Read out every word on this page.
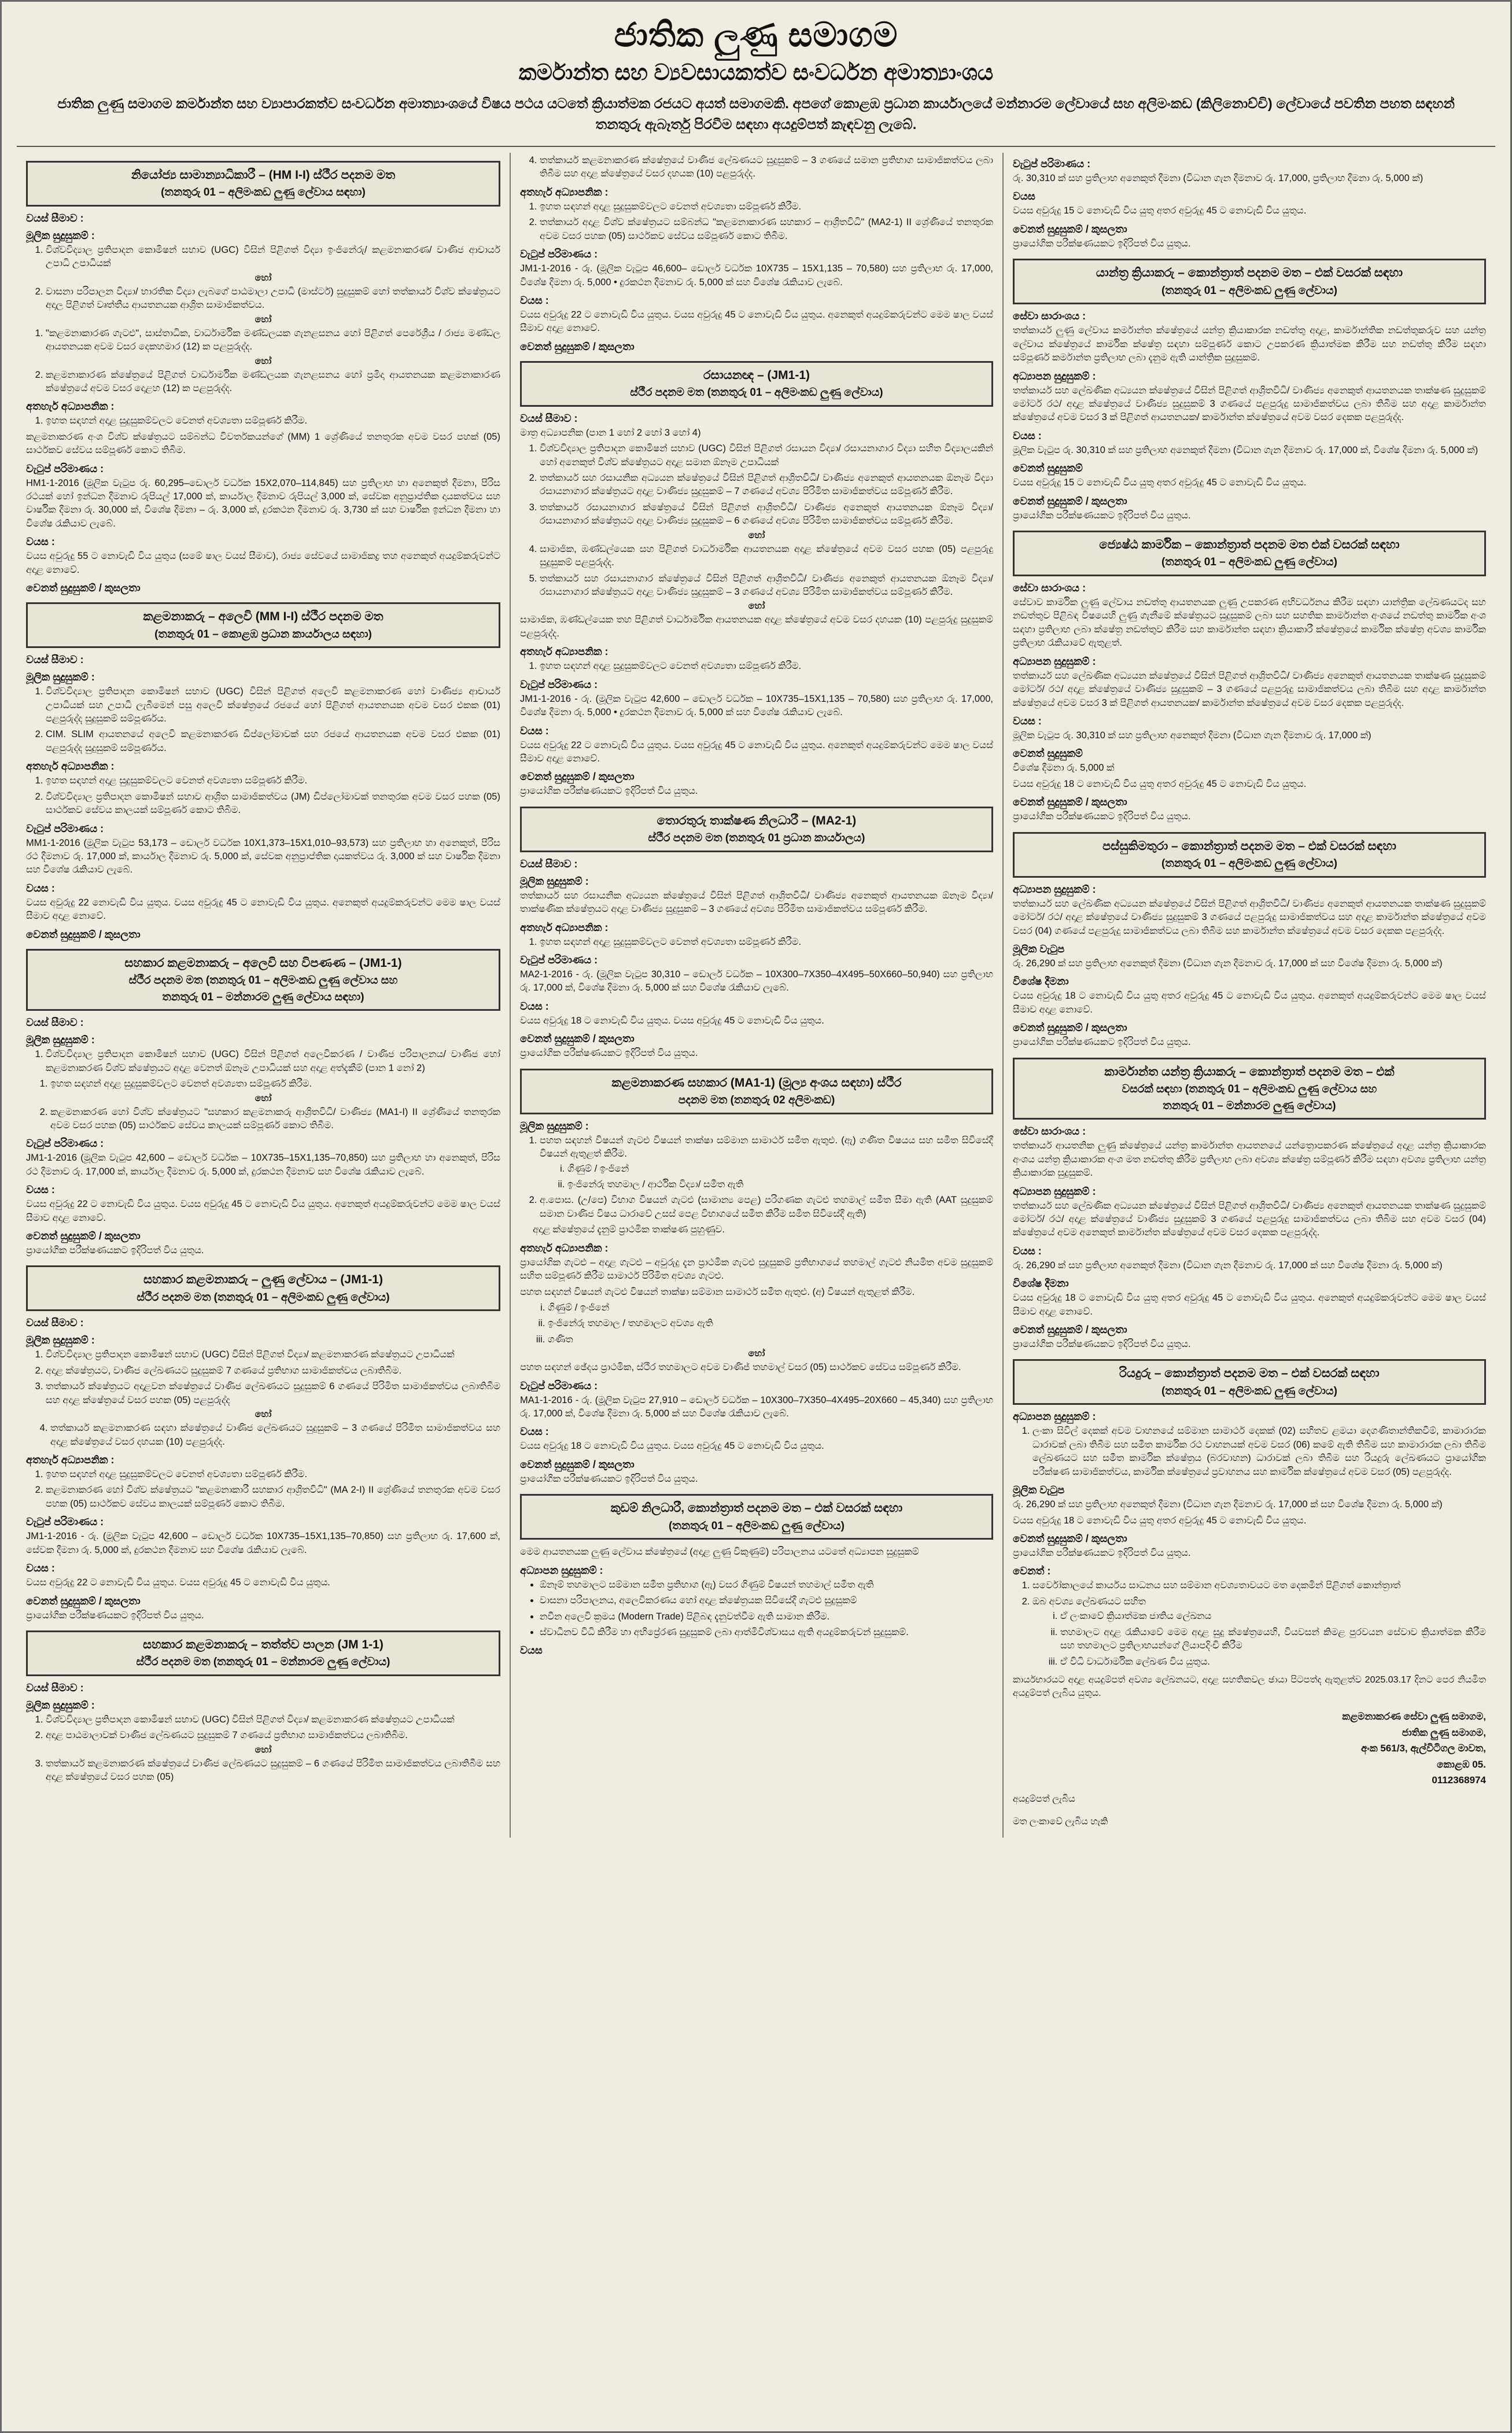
ජාතික ලුණු සමාගම
කර්මාන්ත සහ ව්‍යවසායකත්ව සංවර්ධන අමාත්‍යාංශය
ජාතික ලුණු සමාගම කර්මාන්ත සහ ව්‍යාපාරකත්ව සංවර්ධන අමාත්‍යාංශයේ විෂය පථය යටතේ ක්‍රියාත්මක රජයට අයත් සමාගමකි. අපගේ කොළඹ ප්‍රධාන කාර්යාලයේ මන්නාරම ලේවායේ සහ අලිමංකඩ (කිලිනොච්චි) ලේවායේ පවතින පහත සඳහන් තනතුරු ඇබෑර්තු පිරවීම සඳහා අයදුම්පත් කැඳවනු ලැබේ.
නියෝජ්‍ය සාමාන්‍යාධිකාරී – (HM I-I) ස්ථීර පදනම මත
(තනතුරු 01 – අලිමංකඩ ලුණු ලේවාය සඳහා)
වයස් සීමාව :
මූලික සුදුසුකම් :
1. විශ්වවිද්‍යාල ප්‍රතිපාදන කොමිෂන් සභාව (UGC) විසින් පිළිගත් විද්‍යා ඉංජිනේරු/ කළමනාකරණ/ වාණිජ ආචාර්ය උපාධි උපාධියක්
හෝ
2. වාසනා පරිපාලන විද්‍යා/ භාරතික විද්‍යා ලැබගේ පාඨමාලා උපාධි (මාස්ටර්) සුදුසුකම් හෝ තත්කාර්ය විශ්ව ක්ෂේත්‍රයට අදාල පිළිගත් වෘත්තීය ආයතනයක ආශ්‍රිත සාමාජිකත්වය.
හෝ
1. "කළමනාකාරණ ගැටළු", සාස්තාධික, වාර්ධාර්මික මණ්ඩලයක ගැනළසනය හෝ පිළිගත් පෙරේශ්‍රීය / රාජ්‍ය මණ්ඩල ආයතනයක අවම වසර දෙකහමාර (12) ක පළපුරුද්ද.
හෝ
2. කළමනාකාරණ ක්ෂේත්‍රයේ පිළිගත් වාර්ධාර්මික මණ්ඩලයක ගැනළසනය හෝ ප්‍රමිදා ආයතනයක කළමනාකාරණ ක්ෂේත්‍රයේ අවම වසර දොළහ (12) ක පළපුරුද්ද.
අතහැර් අධ්‍යාපනික :
1. ඉහත සඳහන් අදාළ සුදුසුකම්වලට වෙනත් අවශ්‍යතා සම්පූර්ණ කිරීම.

කළමනාකරණ අංශ විශ්ව ක්ෂේත්‍රයට සම්බන්ධ විවර්තකයන්ගේ (MM) 1 ශ්‍රේණියේ තනතුරක අවම වසර පහක් (05) සාර්ථකව සේවය සම්පූර්ණ කොට තිබීම.

වැටුප් පරිමාණය :

HM1-1-2016 (මූලික වැටුප රු. 60,295–ඩොලර් වර්ධක 15X2,070–114,845) සහ ප්‍රතිලාභ හා අනෙකුත් දීමනා, පිරිස රථයක් හෝ ඉන්ධන දීමනාව රුපියල් 17,000 ක්, කාර්යාල දීමනාව රුපියල් 3,000 ක්, සේවක අනුප්‍රාප්තික දායකත්වය සහ වාර්ෂික දීමනා රු. 30,000 ක්, විශේෂ දීමනා – රු. 3,000 ක්, දුරකථන දීමනාව රු. 3,730 ක් සහ වාර්ෂික ඉන්ධන දීමනා හා විශේෂ රැකියාව ලැබේ.

වයස :

වයස අවුරුදු 55 ට නොවැඩි විය යුතුය (සමේ ෂාල වයස් සීමාව), රාජ්‍ය සේවයේ සාමාජිකද්‍ර තහ අනෙකුත් අයදුම්කරුවන්ට අදාළ නොවේ.

වෙනත් සුදුසුකම් / කුසලතා
කළමනාකරු – අලෙවි (MM I-I) ස්ථීර පදනම මත
(තනතුරු 01 – කොළඹ ප්‍රධාන කාර්යාලය සඳහා)
වයස් සීමාව :
මූලික සුදුසුකම් :
1. විශ්වවිද්‍යාල ප්‍රතිපාදන කොමිෂන් සභාව (UGC) විසින් පිළිගත් අලෙවි කළමනාකරණ හෝ වාණිජ්‍ය ආචාර්ය උපාධියක් සහ උපාධි ලැබීමෙන් පසු අලෙවි ක්ෂේත්‍රයේ රජයේ හෝ පිළිගත් ආයතනයක අවම වසර එකක (01) පළපුරුද්ද සුදුසුකම් සම්පූර්ණය.
2. CIM. SLIM ආයතනයේ අලෙවි කළමනාකරණ ඩිප්ලෝමාවක් සහ රජයේ ආයතනයක අවම වසර එකක (01) පළපුරුද්ද සුදුසුකම් සම්පූර්ණය.
අතහැර් අධ්‍යාපනික :
1. ඉහත සඳහන් අදාළ සුදුසුකම්වලට වෙනත් අවශ්‍යතා සම්පූර්ණ කිරීම.
2. විශ්වවිද්‍යාල ප්‍රතිපාදන කොමිෂන් සභාව ආශ්‍රිත සාමාජිකත්වය (JM) ඩිප්ලෝමාවක් තනතුරක අවම වසර පහක (05) සාර්ථකව සේවය කාලයක් සම්පූර්ණ කොට තිබීම.
වැටුප් පරිමාණය :

MM1-1-2016 (මූලික වැටුප 53,173 – ඩොලර් වර්ධක 10X1,373–15X1,010–93,573) සහ ප්‍රතිලාභ හා අනෙකුත්, පිරිස රථ දීමනාව රු. 17,000 ක්, කාර්යාල දීමනාව රු. 5,000 ක්, සේවක අනුප්‍රාප්තික දායකත්වය රු. 3,000 ක් සහ වාර්ෂික දීමනා සහ විශේෂ රැකියාව ලැබේ.

වයස :

වයස අවුරුදු 22 නොවැඩි විය යුතුය. වයස අවුරුදු 45 ට නොවැඩි විය යුතුය. අනෙකුත් අයදුම්කරුවන්ට මෙම ෂාල වයස් සීමාව අදාළ නොවේ.

වෙනත් සුදුසුකම් / කුසලතා
සහකාර කළමනාකරු – අලෙවි සහ විපණණ – (JM1-1)
ස්ථීර පදනම මත (තනතුරු 01 – අලිමංකඩ ලුණු ලේවාය සහ
තනතුරු 01 – මන්නාරම ලුණු ලේවාය සඳහා)
වයස් සීමාව :
මූලික සුදුසුකම් :
1. විශ්වවිද්‍යාල ප්‍රතිපාදන කොමිෂන් සභාව (UGC) විසින් පිළිගත් අලෙවිකරණ / වාණිජ පරිපාලනය/ වාණිජ හෝ කළමනාකරණ විශ්ව ක්ෂේත්‍රයට අදාළ වෙනත් ඕනෑම උපාධියක් සහ අදාළ අත්දැකීම් (පාන 1 නෝ 2)
1. ඉහත සඳහන් අදාළ සුදුසුකම්වලට වෙනත් අවශ්‍යතා සම්පූර්ණ කිරීම.
හෝ
2. කළමනාකරණ හෝ විශ්ව ක්ෂේත්‍රයට "සහකාර කළමනාකරු ආශ්‍රිතවිධි/ වාණිජ්‍ය (MA1-I) II ශ්‍රේණියේ තනතුරක අවම වසර පහක (05) සාර්ථකව සේවය කාලයක් සම්පූර්ණ කොට තිබීම.
වැටුප් පරිමාණය :

JM1-1-2016 (මූලික වැටුප 42,600 – ඩොලර් වර්ධක – 10X735–15X1,135–70,850) සහ ප්‍රතිලාභ හා අනෙකුත්, පිරිස රථ දීමනාව රු. 17,000 ක්, කාර්යාල දීමනාව රු. 5,000 ක්, දුරකථන දීමනාව සහ විශේෂ රැකියාව ලැබේ.

වයස :

වයස අවුරුදු 22 ට නොවැඩි විය යුතුය. වයස අවුරුදු 45 ට නොවැඩි විය යුතුය. අනෙකුත් අයදුම්කරුවන්ට මෙම ෂාල වයස් සීමාව අදාළ නොවේ.

වෙනත් සුදුසුකම් / කුසලතා

ප්‍රායෝගික පරීක්ෂණයකට ඉදිරිපත් විය යුතුය.

සහකාර කළමනාකරු – ලුණු ලේවාය – (JM1-1)
ස්ථීර පදනම මත (තනතුරු 01 – අලිමංකඩ ලුණු ලේවාය)
වයස් සීමාව :
මූලික සුදුසුකම් :
1. විශ්වවිද්‍යාල ප්‍රතිපාදන කොමිෂන් සභාව (UGC) විසින් පිළිගත් විද්‍යා/ කළමනාකරණ ක්ෂේත්‍රයට උපාධියක්
2. අදාළ ක්ෂේත්‍රයට, වාණිජ ලේඛණයට සුදුසුකම් 7 ගණයේ ප්‍රතිභාග සාමාජිකත්වය ලබාතිබීම.
3. තත්කාර්ය ක්ෂේත්‍රයට අදාළවන ක්ෂේත්‍රයේ වාණිජ ලේඛණයට සුදුසුකම් 6 ගණයේ පිරිමිත සාමාජිකත්වය ලබාතිබීම සහ අදාළ ක්ෂේත්‍රයේ වසර පහක (05) පළපුරුද්ද
හෝ
4. තත්කාර්ය කළමනාකරණ සඳහා ක්ෂේත්‍රයේ වාණිජ ලේඛණයට සුදුසුකම් – 3 ගණයේ පිරිමිත සාමාජිකත්වය සහ අදාළ ක්ෂේත්‍රයේ වසර දහයක (10) පළපුරුද්ද.
අතහැර් අධ්‍යාපනික :
1. ඉහත සඳහන් අදාළ සුදුසුකම්වලට වෙනත් අවශ්‍යතා සම්පූර්ණ කිරීම.
2. කළමනාකරණ හෝ විශ්ව ක්ෂේත්‍රයට "කළමනාකාරී සහකාර ආශ්‍රිතවිධි" (MA 2-I) II ශ්‍රේණියේ තනතුරක අවම වසර පහක (05) සාර්ථකව සේවය කාලයක් සම්පූර්ණ කොට තිබීම.
වැටුප් පරිමාණය :

JM1-1-2016 - රු. (මූලික වැටුප 42,600 – ඩොලර් වර්ධක 10X735–15X1,135–70,850) සහ ප්‍රතිලාභ රු. 17,600 ක්, සේවක දීමනා රු. 5,000 ක්, දුරකථන දීමනාව සහ විශේෂ රැකියාව ලැබේ.

වයස :

වයස අවුරුදු 22 ට නොවැඩි විය යුතුය. වයස අවුරුදු 45 ට නොවැඩි විය යුතුය.

වෙනත් සුදුසුකම් / කුසලතා

ප්‍රායෝගික පරීක්ෂණයකට ඉදිරිපත් විය යුතුය.

සහකාර කළමනාකරු – තත්ත්ව පාලන (JM 1-1)
ස්ථීර පදනම මත (තනතුරු 01 – මන්නාරම ලුණු ලේවාය)
වයස් සීමාව :
මූලික සුදුසුකම් :
1. විශ්වවිද්‍යාල ප්‍රතිපාදන කොමිෂන් සභාව (UGC) විසින් පිළිගත් විද්‍යා/ කළමනාකරණ ක්ෂේත්‍රයට උපාධියක්
2. අදාළ පාඨමාලාවක් වාණිජ ලේඛණයට සුදුසුකම් 7 ගණයේ ප්‍රතිභාග සාමාජිකත්වය ලබාතිබීම.
හෝ
3. තත්කාර්ය කළමනාකරණ ක්ෂේත්‍රයේ වාණිජ ලේඛණයට සුදුසුකම් – 6 ගණයේ පිරිමිත සාමාජිකත්වය ලබාතිබීම සහ අදාළ ක්ෂේත්‍රයේ වසර පහක (05)
4. තත්කාර්ය කළමනාකරණ ක්ෂේත්‍රයේ වාණිජ ලේඛණයට සුදුසුකම් – 3 ගණයේ සමාන ප්‍රතිභාග සාමාජිකත්වය ලබා තිබීම සහ අදාළ ක්ෂේත්‍රයේ වසර දහයක (10) පළපුරුද්ද.
අතහැර් අධ්‍යාපනික :
1. ඉහත සඳහන් අදාළ සුදුසුකම්වලට වෙනත් අවශ්‍යතා සම්පූර්ණ කිරීම.
2. තත්කාර්ය අදාළ විශ්ව ක්ෂේත්‍රයට සම්බන්ධ "කළමනාකාරණ සහකාර – ආශ්‍රිතවිධි" (MA2-1) II ශ්‍රේණියේ තනතුරක අවම වසර පහක (05) සාර්ථකව සේවය සම්පූර්ණ කොට තිබීම.
වැටුප් පරිමාණය :

JM1-1-2016 - රු. (මූලික වැටුප 46,600– ඩොලර් වර්ධක 10X735 – 15X1,135 – 70,580) සහ ප්‍රතිලාභ රු. 17,000, විශේෂ දීමනා රු. 5,000 • දුරකථන දීමනාව රු. 5,000 ක් සහ විශේෂ රැකියාව ලැබේ.

වයස :

වයස අවුරුදු 22 ට නොවැඩි විය යුතුය. වයස අවුරුදු 45 ට නොවැඩි විය යුතුය. අනෙකුත් අයදුම්කරුවන්ට මෙම ෂාල වයස් සීමාව අදාළ නොවේ.

වෙනත් සුදුසුකම් / කුසලතා
රසායනඥ – (JM1-1)
ස්ථීර පදනම මත (තනතුරු 01 – අලිමංකඩ ලුණු ලේවාය)
වයස් සීමාව :

මාත්‍ර අධ්‍යාපනික (පාන 1 හෝ 2 හෝ 3 හෝ 4)

1. විශ්වවිද්‍යාල ප්‍රතිපාදන කොමිෂන් සභාව (UGC) විසින් පිළිගත් රසායන විද්‍යා/ රසායනාගාර විද්‍යා සහිත විද්‍යාලයකින් හෝ අනෙකුත් විශ්ව ක්ෂේත්‍රයට අදාළ සමාන ඕනෑම උපාධියක්
2. තත්කාර්ය සහ රසායනික අධ්‍යයන ක්ෂේත්‍රයේ විසින් පිළිගත් ආශ්‍රිතවිධි/ වාණිජ්‍ය අනෙකුත් ආයතනයක ඕනෑම විද්‍යා රසායනාගාර ක්ෂේත්‍රයට අදාළ වාණිජ්‍ය සුදුසුකම් – 7 ගණයේ අවශ්‍ය පිරිමිත සාමාජිකත්වය සම්පූර්ණ කිරීම.
3. තත්කාර්ය රසායනාගාර ක්ෂේත්‍රයේ විසින් පිළිගත් ආශ්‍රිතවිධි/ වාණිජ්‍ය අනෙකුත් ආයතනයක ඕනෑම විද්‍යා/ රසායනාගාර ක්ෂේත්‍රයට අදාළ වාණිජ්‍ය සුදුසුකම් – 6 ගණයේ අවශ්‍ය පිරිමිත සාමාජිකත්වය සම්පූර්ණ කිරීම.
හෝ
4. සාමාජික, ඹණ්ඩල්යෙක සහ පිළිගත් වාර්ධාර්මික ආයතනයක අදාළ ක්ෂේත්‍රයේ අවම වසර පහක (05) පළපුරුදු සුදුසුකම් පළපුරුද්ද.
5. තත්කාර්ය සහ රසායනාගාර ක්ෂේත්‍රයේ විසින් පිළිගත් ආශ්‍රිතවිධි/ වාණිජ්‍ය අනෙකුත් ආයතනයක ඕනෑම විද්‍යා/ රසායනාගාර ක්ෂේත්‍රයට අදාළ වාණිජ්‍ය සුදුසුකම් – 3 ගණයේ අවශ්‍ය පිරිමිත සාමාජිකත්වය සම්පූර්ණ කිරීම.
හෝ

සාමාජික, ඹණ්ඩල්යෙක තහ පිළිගත් වාර්ධාර්මික ආයතනයක අදාළ ක්ෂේත්‍රයේ අවම වසර දහයක (10) පළපුරුදු සුදුසුකම් පළපුරුද්ද.

අතහැර් අධ්‍යාපනික :
1. ඉහත සඳහන් අදාළ සුදුසුකම්වලට වෙනත් අවශ්‍යතා සම්පූර්ණ කිරීම.
වැටුප් පරිමාණය :

JM1-1-2016 - රු. (මූලික වැටුප 42,600 – ඩොලර් වර්ධක – 10X735–15X1,135 – 70,580) සහ ප්‍රතිලාභ රු. 17,000, විශේෂ දීමනා රු. 5,000 • දුරකථන දීමනාව රු. 5,000 ක් සහ විශේෂ රැකියාව ලැබේ.

වයස :

වයස අවුරුදු 22 ට නොවැඩි විය යුතුය. වයස අවුරුදු 45 ට නොවැඩි විය යුතුය. අනෙකුත් අයදුම්කරුවන්ට මෙම ෂාල වයස් සීමාව අදාළ නොවේ.

වෙනත් සුදුසුකම් / කුසලතා

ප්‍රායෝගික පරීක්ෂණයකට ඉදිරිපත් විය යුතුය.

තොරතුරු තාක්ෂණ නිලධාරී – (MA2-1)
ස්ථීර පදනම මත (තනතුරු 01 ප්‍රධාන කාර්යාලය)
වයස් සීමාව :
මූලික සුදුසුකම් :

තත්කාර්ය සහ රසායනික අධ්‍යයන ක්ෂේත්‍රයේ විසින් පිළිගත් ආශ්‍රිතවිධි/ වාණිජ්‍ය අනෙකුත් ආයතනයක ඕනෑම විද්‍යා/ තාක්ෂණික ක්ෂේත්‍රයට අදාළ වාණිජ්‍ය සුදුසුකම් – 3 ගණයේ අවශ්‍ය පිරිමිත සාමාජිකත්වය සම්පූර්ණ කිරීම.

අතහැර් අධ්‍යාපනික :
1. ඉහත සඳහන් අදාළ සුදුසුකම්වලට වෙනත් අවශ්‍යතා සම්පූර්ණ කිරීම.
වැටුප් පරිමාණය :

MA2-1-2016 - රු. (මූලික වැටුප 30,310 – ඩොලර් වර්ධක – 10X300–7X350–4X495–50X660–50,940) සහ ප්‍රතිලාභ රු. 17,000 ක්, විශේෂ දීමනා රු. 5,000 ක් සහ විශේෂ රැකියාව ලැබේ.

වයස :

වයස අවුරුදු 18 ට නොවැඩි විය යුතුය. වයස අවුරුදු 45 ට නොවැඩි විය යුතුය.

වෙනත් සුදුසුකම් / කුසලතා

ප්‍රායෝගික පරීක්ෂණයකට ඉදිරිපත් විය යුතුය.

කළමනාකරණ සහකාර (MA1-1) (මූල්‍ය අංශය සඳහා) ස්ථීර
පදනම මත (තනතුරු 02 අලිමංකඩ)
මූලික සුදුසුකම් :
1. පහත සඳහන් විෂයන් ගැටළු විෂයන් තාක්ෂා සම්මාන සාමාර්ථ සමීත ඇතුළු. (ඇ) ගණිත විෂයය සහ සමීත සිවිසේදී විෂයන් ඇතුළත් කිරීම.
i. ගිණුම් / ඉංජිනේ
ii. ඉංජිනේරු තහමාල / ආර්ථික විද්‍යා/ සමීත ඇති
2. අ.පොස. (උ/පෙ) විභාග විෂයන් ගැටළු (සාමාන්‍ය පෙළ) පරිගණක ගැටළු තහමාල් සමීත සීමා ඇති (AAT සුදුසුකම් සමාන වාණිජ විෂය ධාරාවේ උසස් පෙළ විභාගයේ සමීත කිරීම සමීත සිවිසේදී ඇති)

අදාළ ක්ෂේත්‍රයේ දැනුම් ප්‍රාථමික තාක්ෂණ පුහුණුව.

අතහැර් අධ්‍යාපනික :

ප්‍රායෝගික ගැටළු – අදාළ ගැටළු – අවුරුදු දැන ප්‍රාථමික ගැටළු සුදුසුකම් ප්‍රතිභාගයේ තහමාල් ගැටළු නියමිත අවම සුදුසුකම් සහිත සම්පූර්ණ කිරීම සාමාර්ථ පිරිමිත අවශ්‍ය ගැටළු.

පහත සඳහන් විෂයන් ගැටළු විෂයන් තාක්ෂා සම්මාන සාමාර්ථ සමීත ඇතුළු. (අ) විෂයන් ඇතුළත් කිරීම.

i. ගිණුම් / ඉංජිනේ
ii. ඉංජිනේරු තහමාල / තහමාලට අවශ්‍ය ඇති
iii. ගණිත
හෝ

පහත සඳහන් ඡේදය ප්‍රාථමික, ස්ථීර තහමාලට අවම වාණිජ් තහමාල් වසර (05) සාර්ථකව සේවය සම්පූර්ණ කිරීම.

වැටුප් පරිමාණය :

MA1-1-2016 - රු. (මූලික වැටුප 27,910 – ඩොලර් වර්ධක – 10X300–7X350–4X495–20X660 – 45,340) සහ ප්‍රතිලාභ රු. 17,000 ක්, විශේෂ දීමනා රු. 5,000 ක් සහ විශේෂ රැකියාව ලැබේ.

වයස :

වයස අවුරුදු 18 ට නොවැඩි විය යුතුය. වයස අවුරුදු 45 ට නොවැඩි විය යුතුය.

වෙනත් සුදුසුකම් / කුසලතා

ප්‍රායෝගික පරීක්ෂණයකට ඉදිරිපත් විය යුතුය.

කුඩම් නිලධාරී, කොන්ත්‍රාත් පදනම මත – එක් වසරක් සඳහා
(තනතුරු 01 – අලිමංකඩ ලුණු ලේවාය)

මෙම ආයතනයක ලුණු ලේවාය ක්ෂේත්‍රයේ (අදාළ ලුණු විකුණුම්) පරිපාලනය යටතේ අධ්‍යාපන සුදුසුකම්

අධ්‍යාපන සුදුසුකම් :
• ඕනෑම් තහමාලට සම්මාන සමීත ප්‍රතිභාග (ඇ) වසර ගිණුම් විෂයන් තහමාල් සමීත ඇති
• වාසනා පරිපාලනය, අලෙවිකරණය හෝ අදාළ ක්ෂේත්‍රයක සිවිසේදී ගැටළු සුදුසුකම්
• නවීන අලෙවි ක්‍රමය (Modern Trade) පිළිබඳ දැනුවත්වීම ඇති සාමාන කිරීම.
• ස්වාධීනව විධි කිරීම හා අභිප්‍රේරණ සුදුසුකම් ලබා ආත්මිවිශ්වාසය ඇති අයදුම්කරුවන් සුදුසුකම්.
වයස
වැටුප් පරිමාණය :

රු. 30,310 ක් සහ ප්‍රතිලාභ අනෙකුත් දීමනා (විධාන ගැන දීමනාව රු. 17,000, ප්‍රතිලාභ දීමනා රු. 5,000 ක්)

වයස

වයස අවුරුදු 15 ට නොවැඩි විය යුතු අතර අවුරුදු 45 ට නොවැඩි විය යුතුය.

වෙනත් සුදුසුකම් / කුසලතා

ප්‍රායෝගික පරීක්ෂණයකට ඉදිරිපත් විය යුතුය.

යාන්ත්‍ර ක්‍රියාකරු – කොන්ත්‍රාත් පදනම මත – එක් වසරක් සඳහා
(තනතුරු 01 – අලිමංකඩ ලුණු ලේවාය)
සේවා සාරාංශය :

තත්කාර්ය ලුණු ලේවාය කර්මාන්ත ක්ෂේත්‍රයේ යන්ත්‍ර ක්‍රියාකාරක නඩත්තු අදාළ, කාර්මාන්තික නඩත්තුකරුව සහ යන්ත්‍ර ලේවාය ක්ෂේත්‍රයේ කාර්මික ක්ෂේත්‍ර සඳහා සම්පූර්ණ කොට උපකරණ ක්‍රියාත්මක කිරීම සහ නඩත්තු කිරීම සඳහා සම්පූර්ණ කර්මාන්ත ප්‍රතිලාභ ලබා දැනුම ඇති යාන්ත්‍රික සුදුසුකම්.

අධ්‍යාපන සුදුසුකම් :

තත්කාර්ය සහ ලේඛණික අධ්‍යයන ක්ෂේත්‍රයේ විසින් පිළිගත් ආශ්‍රිතවිධි/ වාණිජ්‍ය අනෙකුත් ආයතනයක තාක්ෂණ සුදුසුකම් මෝටර් රථ/ අදාළ ක්ෂේත්‍රයේ වාණිජ්‍ය සුදුසුකම් 3 ගණයේ පළපුරුදු සාමාජිකත්වය ලබා තිබීම සහ අදාළ කාර්මාන්ත ක්ෂේත්‍රයේ අවම වසර 3 ක් පිළිගත් ආයතනයක/ කාර්මාන්ත ක්ෂේත්‍රයේ අවම වසර දෙකක පළපුරුද්ද.

වයස :

මූලික වැටුප රු. 30,310 ක් සහ ප්‍රතිලාභ අනෙකුත් දීමනා (විධාන ගැන දීමනාව රු. 17,000 ක්, විශේෂ දීමනා රු. 5,000 ක්)

වෙනත් සුදුසුකම්

වයස අවුරුදු 15 ට නොවැඩි විය යුතු අතර අවුරුදු 45 ට නොවැඩි විය යුතුය.

වෙනත් සුදුසුකම් / කුසලතා

ප්‍රායෝගික පරීක්ෂණයකට ඉදිරිපත් විය යුතුය.

ජ්‍යෙෂ්ඨ කාර්මික – කොන්ත්‍රාත් පදනම මත එක් වසරක් සඳහා
(තනතුරු 01 – අලිමංකඩ ලුණු ලේවාය)
සේවා සාරාංශය :

සේවාව කාර්මික ලුණු ලේවාය නඩත්තු ආයතනයක ලුණු උපකරණ අභිවර්ධනය කිරීම සඳහා යාන්ත්‍රික ලේඛණයටද සහ නඩත්තුව පිළිබඳ විෂයෙහි ලුණු ගැනීමේ ක්ෂේත්‍රයට සුදුසුකම් ලබා සහ සහතික කාර්මාන්ත අංශයේ නඩත්තු කාර්මික අංශ සඳහා ප්‍රතිලාභ ලබා ක්ෂේත්‍ර නඩත්තුව කිරීම සහ කාර්මාන්ත සඳහා ක්‍රියාකාරී ක්ෂේත්‍රයේ කාර්මික ක්ෂේත්‍ර අවශ්‍ය කාර්මික ප්‍රතිලාභ රැකියාවේ ඇතුළත්.

අධ්‍යාපන සුදුසුකම් :

තත්කාර්ය සහ ලේඛණික අධ්‍යයන ක්ෂේත්‍රයේ විසින් පිළිගත් ආශ්‍රිතවිධි/ වාණිජ්‍ය අනෙකුත් ආයතනයක තාක්ෂණ සුදුසුකම් මෝටර්/ රථ/ අදාළ ක්ෂේත්‍රයේ වාණිජ්‍ය සුදුසුකම් – 3 ගණයේ පළපුරුදු සාමාජිකත්වය ලබා තිබීම සහ අදාළ කාර්මාන්ත ක්ෂේත්‍රයේ අවම වසර 3 ක් පිළිගත් ආයතනයක/ කාර්මාන්ත ක්ෂේත්‍රයේ අවම වසර දෙකක පළපුරුද්ද.

වයස :

මූලික වැටුප රු. 30,310 ක් සහ ප්‍රතිලාභ අනෙකුත් දීමනා (විධාන ගැන දීමනාව රු. 17,000 ක්)

වෙනත් සුදුසුකම්

විශේෂ දීමනා රු. 5,000 ක්

වයස අවුරුදු 18 ට නොවැඩි විය යුතු අතර අවුරුදු 45 ට නොවැඩි විය යුතුය.

වෙනත් සුදුසුකම් / කුසලතා

ප්‍රායෝගික පරීක්ෂණයකට ඉදිරිපත් විය යුතුය.

පස්සුකිමතුරා – කොන්ත්‍රාත් පදනම මත – එක් වසරක් සඳහා
(තනතුරු 01 – අලිමංකඩ ලුණු ලේවාය)
අධ්‍යාපන සුදුසුකම් :

තත්කාර්ය සහ ලේඛණික අධ්‍යයන ක්ෂේත්‍රයේ විසින් පිළිගත් ආශ්‍රිතවිධි/ වාණිජ්‍ය අනෙකුත් ආයතනයක තාක්ෂණ සුදුසුකම් මෝටර්/ රථ/ අදාළ ක්ෂේත්‍රයේ වාණිජ්‍ය සුදුසුකම් 3 ගණයේ පළපුරුදු සාමාජිකත්වය සහ අදාළ කාර්මාන්ත ක්ෂේත්‍රයේ අවම වසර (04) ගණයේ පළපුරුදු සාමාජිකත්වය ලබා තිබීම සහ කාර්මාන්ත ක්ෂේත්‍රයේ අවම වසර දෙකක පළපුරුද්ද.

මූලික වැටුප

රු. 26,290 ක් සහ ප්‍රතිලාභ අනෙකුත් දීමනා (විධාන ගැන දීමනාව රු. 17,000 ක් සහ විශේෂ දීමනා රු. 5,000 ක්)

විශේෂ දීමනා

වයස අවුරුදු 18 ට නොවැඩි විය යුතු අතර අවුරුදු 45 ට නොවැඩි විය යුතුය. අනෙකුත් අයදුම්කරුවන්ට මෙම ෂාල වයස් සීමාව අදාළ නොවේ.

වෙනත් සුදුසුකම් / කුසලතා

ප්‍රායෝගික පරීක්ෂණයකට ඉදිරිපත් විය යුතුය.

කාර්මාන්ත යන්ත්‍ර ක්‍රියාකරු – කොන්ත්‍රාත් පදනම මත – එක්
වසරක් සඳහා (තනතුරු 01 – අලිමංකඩ ලුණු ලේවාය සහ
තනතුරු 01 – මන්නාරම ලුණු ලේවාය)
සේවා සාරාංශය :

තත්කාර්ය ආයතනික ලුණු ක්ෂේත්‍රයේ යන්ත්‍ර කාර්මාන්ත ආයතනයේ යන්ත්‍රොපකරණ ක්ෂේත්‍රයේ අදාළ යන්ත්‍ර ක්‍රියාකාරක අංශය යන්ත්‍ර ක්‍රියාකාරක අංශ මත නඩත්තු කිරීම ප්‍රතිලාභ ලබා අවශ්‍ය ක්ෂේත්‍ර සම්පූර්ණ කිරීම සඳහා අවශ්‍ය ප්‍රතිලාභ යන්ත්‍ර ක්‍රියාකාරක සුදුසුකම්.

අධ්‍යාපන සුදුසුකම් :

තත්කාර්ය සහ ලේඛණික අධ්‍යයන ක්ෂේත්‍රයේ විසින් පිළිගත් ආශ්‍රිතවිධි/ වාණිජ්‍ය අනෙකුත් ආයතනයක තාක්ෂණ සුදුසුකම් මෝටර්/ රථ/ අදාළ ක්ෂේත්‍රයේ වාණිජ්‍ය සුදුසුකම් 3 ගණයේ පළපුරුදු සාමාජිකත්වය ලබා තිබීම සහ අවම වසර (04) ක්ෂේත්‍රයේ අවම අනෙකුත් කාර්මාන්ත ක්ෂේත්‍රයේ අවම වසර දෙකක පළපුරුද්ද.

වයස :

රු. 26,290 ක් සහ ප්‍රතිලාභ අනෙකුත් දීමනා (විධාන ගැන දීමනාව රු. 17,000 ක් සහ විශේෂ දීමනා රු. 5,000 ක්)

විශේෂ දීමනා

වයස අවුරුදු 18 ට නොවැඩි විය යුතු අතර අවුරුදු 45 ට නොවැඩි විය යුතුය. අනෙකුත් අයදුම්කරුවන්ට මෙම ෂාල වයස් සීමාව අදාළ නොවේ.

වෙනත් සුදුසුකම් / කුසලතා

ප්‍රායෝගික පරීක්ෂණයකට ඉදිරිපත් විය යුතුය.

රියදුරු – කොන්ත්‍රාත් පදනම මත – එක් වසරක් සඳහා
(තනතුරු 01 – අලිමංකඩ ලුණු ලේවාය)
අධ්‍යාපන සුදුසුකම් :
1. ලංකා සිවිල් දෙකක් අවම වාහනයේ සම්මාන සාමාර්ථ දෙකක් (02) සහිතව ළමයා දෙගණිතාන්තිකවීම්, කාමාරාරක ධාරාවක් ලබා තිබීම සහ සමීත කාර්මික රථ වාහනයක් අවම වසර (06) කමේ ඇති තිබීම සහ කාමාරාරක ලබා තිබීම ලේඛණයට සහ සමීත කාර්මික ක්ෂේත්‍රය (බරවාහන) ධාරාවක් ලබා තිබීම සහ රියදුරු ලේඛණයට ප්‍රායෝගික පරීක්ෂණ සාමාජිකත්වය, කාර්මික ක්ෂේත්‍රයේ ප්‍රවාහනය සහ කාර්මික ක්ෂේත්‍රයේ අවම වසර (05) පළපුරුද්ද.
මූලික වැටුප

රු. 26,290 ක් සහ ප්‍රතිලාභ අනෙකුත් දීමනා (විධාන ගැන දීමනාව රු. 17,000 ක් සහ විශේෂ දීමනා රු. 5,000 ක්)

වයස අවුරුදු 18 ට නොවැඩි විය යුතු අතර අවුරුදු 45 ට නොවැඩි විය යුතුය.

වෙනත් සුදුසුකම් / කුසලතා

ප්‍රායෝගික පරීක්ෂණයකට ඉදිරිපත් විය යුතුය.

වෙනත් :
1. සර්වෝකාලයේ කාර්යය සාධනය සහ සම්මාන අවශ්‍යතාවයට මත දෙකමින් පිළිගත් කොන්ත්‍රාත්
2. ඔබ අවශ්‍ය ලේඛණයට සහිත
i. ඒ ලංකාවේ ක්‍රියාත්මක ජාතිය ලේඛනය
ii. තහමාලට අදාළ රැකියාවේ මෙම අදාළ සුදු ක්ෂේත්‍රයෙහි, වියවසන් කිමළ පුරවයන සේවාව ක්‍රියාත්මක කිරීම සහ තහමාලට ප්‍රතිලාභයන්ගේ ලියාපදිංචි කිරීම
iii. ඒ විධි වාර්ධාර්මික ලේඛණ විය යුතුය.

කාර්යභාරයට අදාළ අයදුම්පත් අවශ්‍ය ලේඛනයට, අදාළ සහතිකවල ඡායා පිටපත්ද ඇතුළත්ව 2025.03.17 දිනට පෙර නියමිත අයදුම්පත් ලැබිය යුතුය.

කළමනාකරණ සේවා ලුණු සමාගම,
ජාතික ලුණු සමාගම,
අංක 561/3, ඇල්විටිගල මාවත,
කොළඹ 05.
0112368974

අයදුම්පත් ලැබිය

මත ලංකාවේ ලැබිය හැකි
